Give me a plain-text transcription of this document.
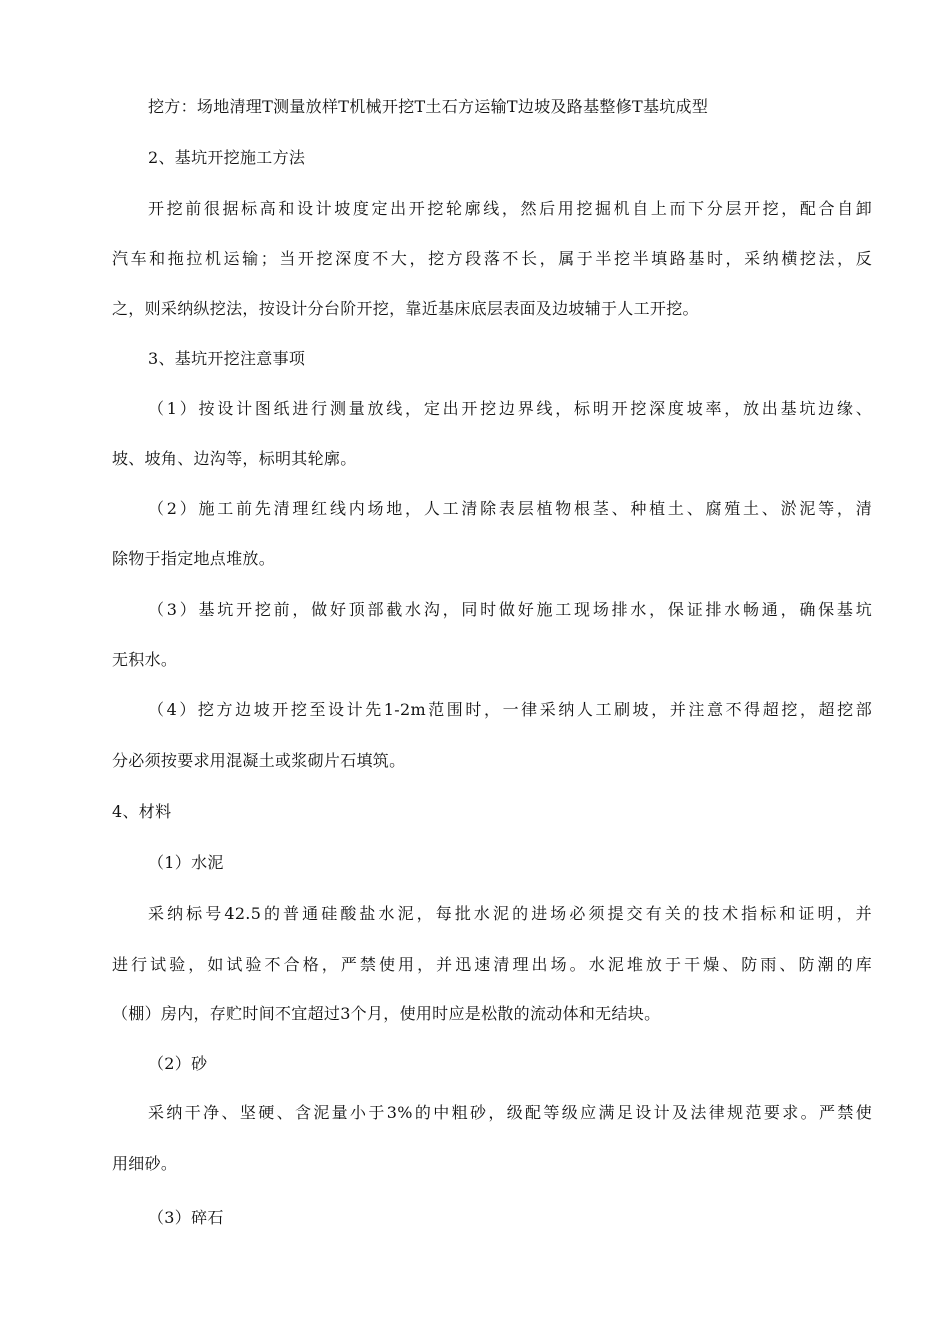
挖方：场地清理Τ测量放样Τ机械开挖Τ土石方运输Τ边坡及路基整修Τ基坑成型
2、基坑开挖施工方法
开挖前很据标高和设计坡度定出开挖轮廓线，然后用挖掘机自上而下分层开挖，配合自卸
汽车和拖拉机运输；当开挖深度不大，挖方段落不长，属于半挖半填路基时，采纳横挖法，反
之，则采纳纵挖法，按设计分台阶开挖，靠近基床底层表面及边坡辅于人工开挖。
3、基坑开挖注意事项
（1）按设计图纸进行测量放线，定出开挖边界线，标明开挖深度坡率，放出基坑边缘、
坡、坡角、边沟等，标明其轮廓。
（2）施工前先清理红线内场地，人工清除表层植物根茎、种植土、腐殖土、淤泥等，清
除物于指定地点堆放。
（3）基坑开挖前，做好顶部截水沟，同时做好施工现场排水，保证排水畅通，确保基坑
无积水。
（4）挖方边坡开挖至设计先1-2m范围时，一律采纳人工刷坡，并注意不得超挖，超挖部
分必须按要求用混凝土或浆砌片石填筑。
4、材料
（1）水泥
采纳标号42.5的普通硅酸盐水泥，每批水泥的进场必须提交有关的技术指标和证明，并
进行试验，如试验不合格，严禁使用，并迅速清理出场。水泥堆放于干燥、防雨、防潮的库
（棚）房内，存贮时间不宜超过3个月，使用时应是松散的流动体和无结块。
（2）砂
采纳干净、坚硬、含泥量小于3%的中粗砂，级配等级应满足设计及法律规范要求。严禁使
用细砂。
（3）碎石
